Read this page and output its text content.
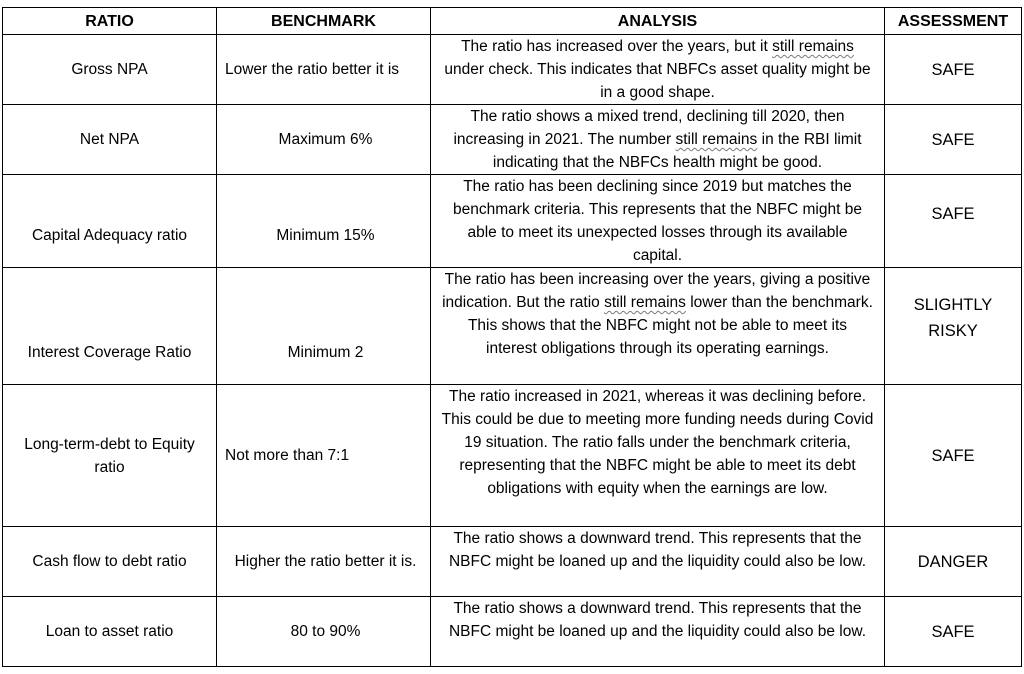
RATIO	BENCHMARK	ANALYSIS	ASSESSMENT
Gross NPA	Lower the ratio better it is	The ratio has increased over the years, but it still remains under check. This indicates that NBFCs asset quality might be in a good shape.	SAFE
Net NPA	Maximum 6%	The ratio shows a mixed trend, declining till 2020, then increasing in 2021. The number still remains in the RBI limit indicating that the NBFCs health might be good.	SAFE
Capital Adequacy ratio	Minimum 15%	The ratio has been declining since 2019 but matches the benchmark criteria. This represents that the NBFC might be able to meet its unexpected losses through its available capital.	SAFE
Interest Coverage Ratio	Minimum 2	The ratio has been increasing over the years, giving a positive indication. But the ratio still remains lower than the benchmark. This shows that the NBFC might not be able to meet its interest obligations through its operating earnings.	SLIGHTLY RISKY
Long-term-debt to Equity ratio	Not more than 7:1	The ratio increased in 2021, whereas it was declining before. This could be due to meeting more funding needs during Covid 19 situation. The ratio falls under the benchmark criteria, representing that the NBFC might be able to meet its debt obligations with equity when the earnings are low.	SAFE
Cash flow to debt ratio	Higher the ratio better it is.	The ratio shows a downward trend. This represents that the NBFC might be loaned up and the liquidity could also be low.	DANGER
Loan to asset ratio	80 to 90%	The ratio shows a downward trend. This represents that the NBFC might be loaned up and the liquidity could also be low.	SAFE
